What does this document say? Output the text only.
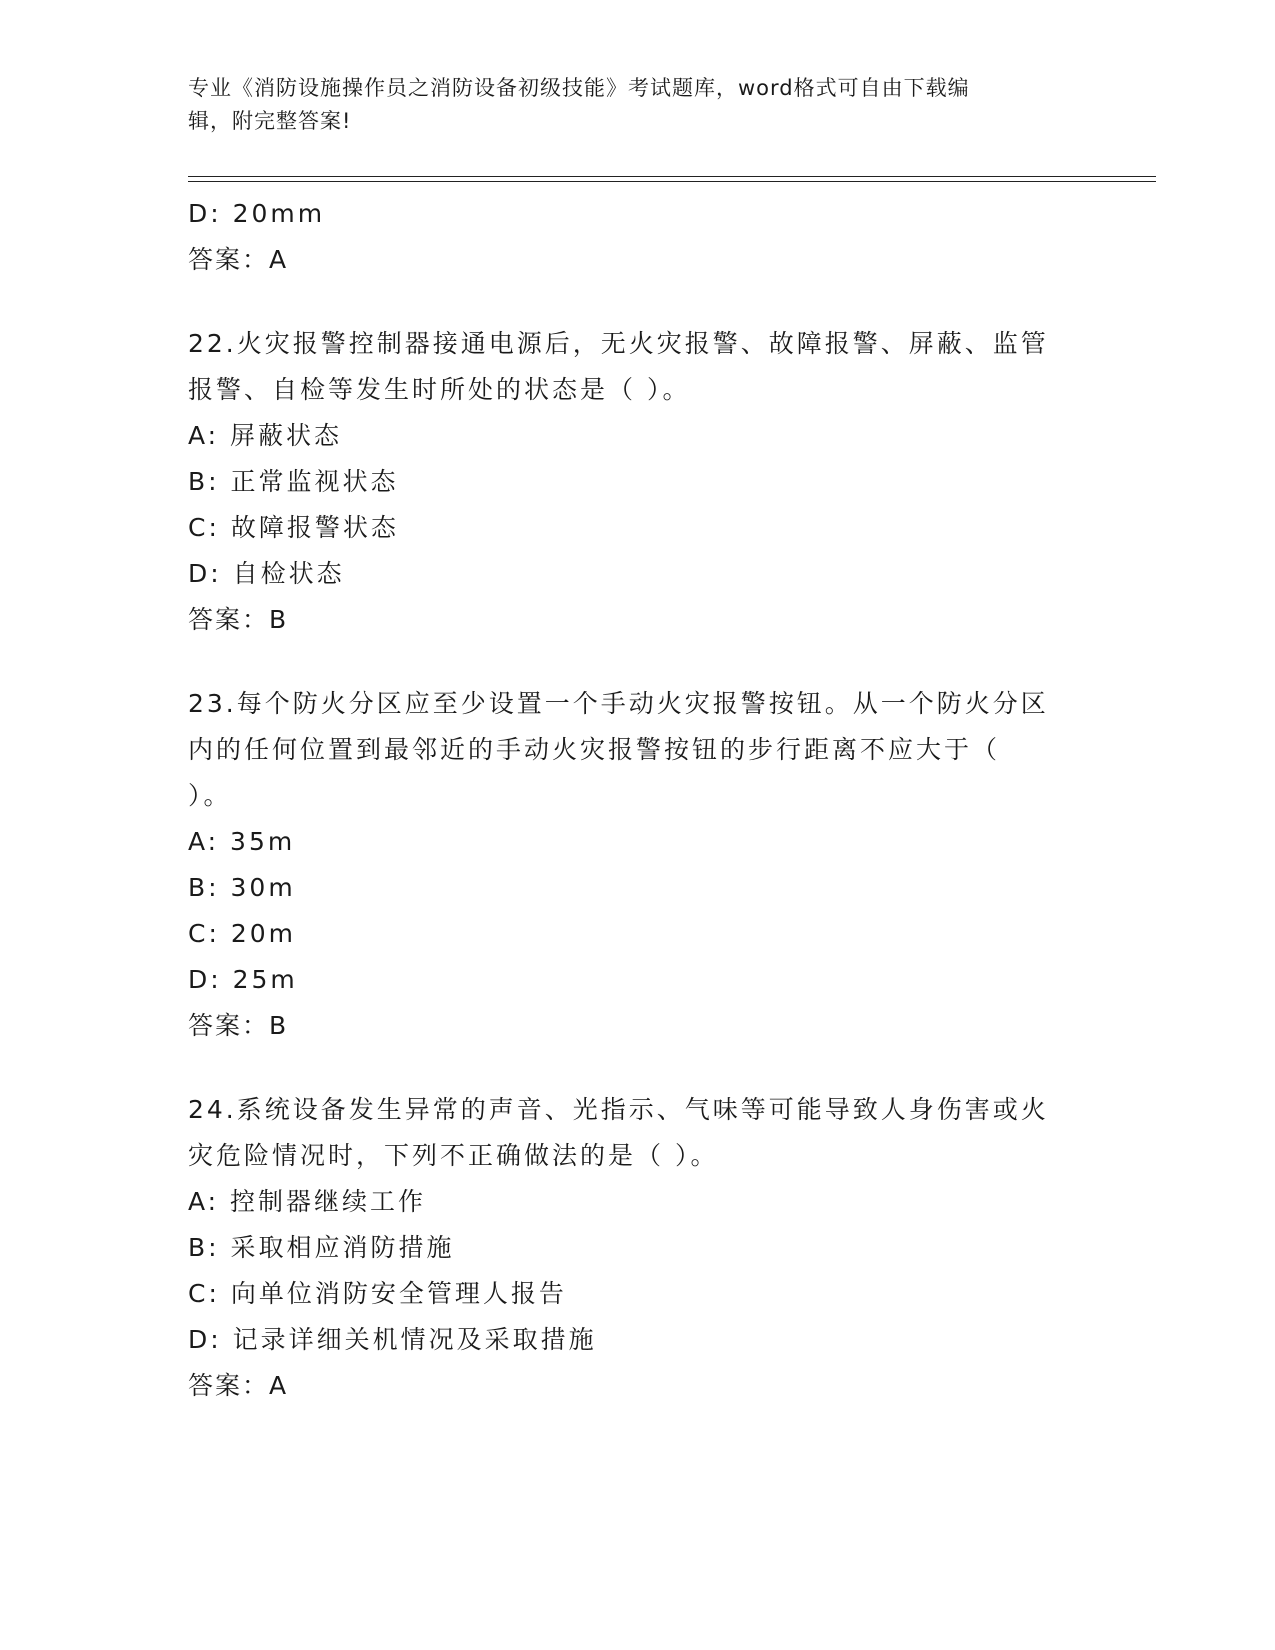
专业《消防设施操作员之消防设备初级技能》考试题库，word格式可自由下载编
辑，附完整答案!
D: 20mm
答案：A
22.火灾报警控制器接通电源后，无火灾报警、故障报警、屏蔽、监管
报警、自检等发生时所处的状态是（ ）。
A: 屏蔽状态
B: 正常监视状态
C: 故障报警状态
D: 自检状态
答案：B
23.每个防火分区应至少设置一个手动火灾报警按钮。从一个防火分区
内的任何位置到最邻近的手动火灾报警按钮的步行距离不应大于（
）。
A: 35m
B: 30m
C: 20m
D: 25m
答案：B
24.系统设备发生异常的声音、光指示、气味等可能导致人身伤害或火
灾危险情况时，下列不正确做法的是（ ）。
A: 控制器继续工作
B: 采取相应消防措施
C: 向单位消防安全管理人报告
D: 记录详细关机情况及采取措施
答案：A
